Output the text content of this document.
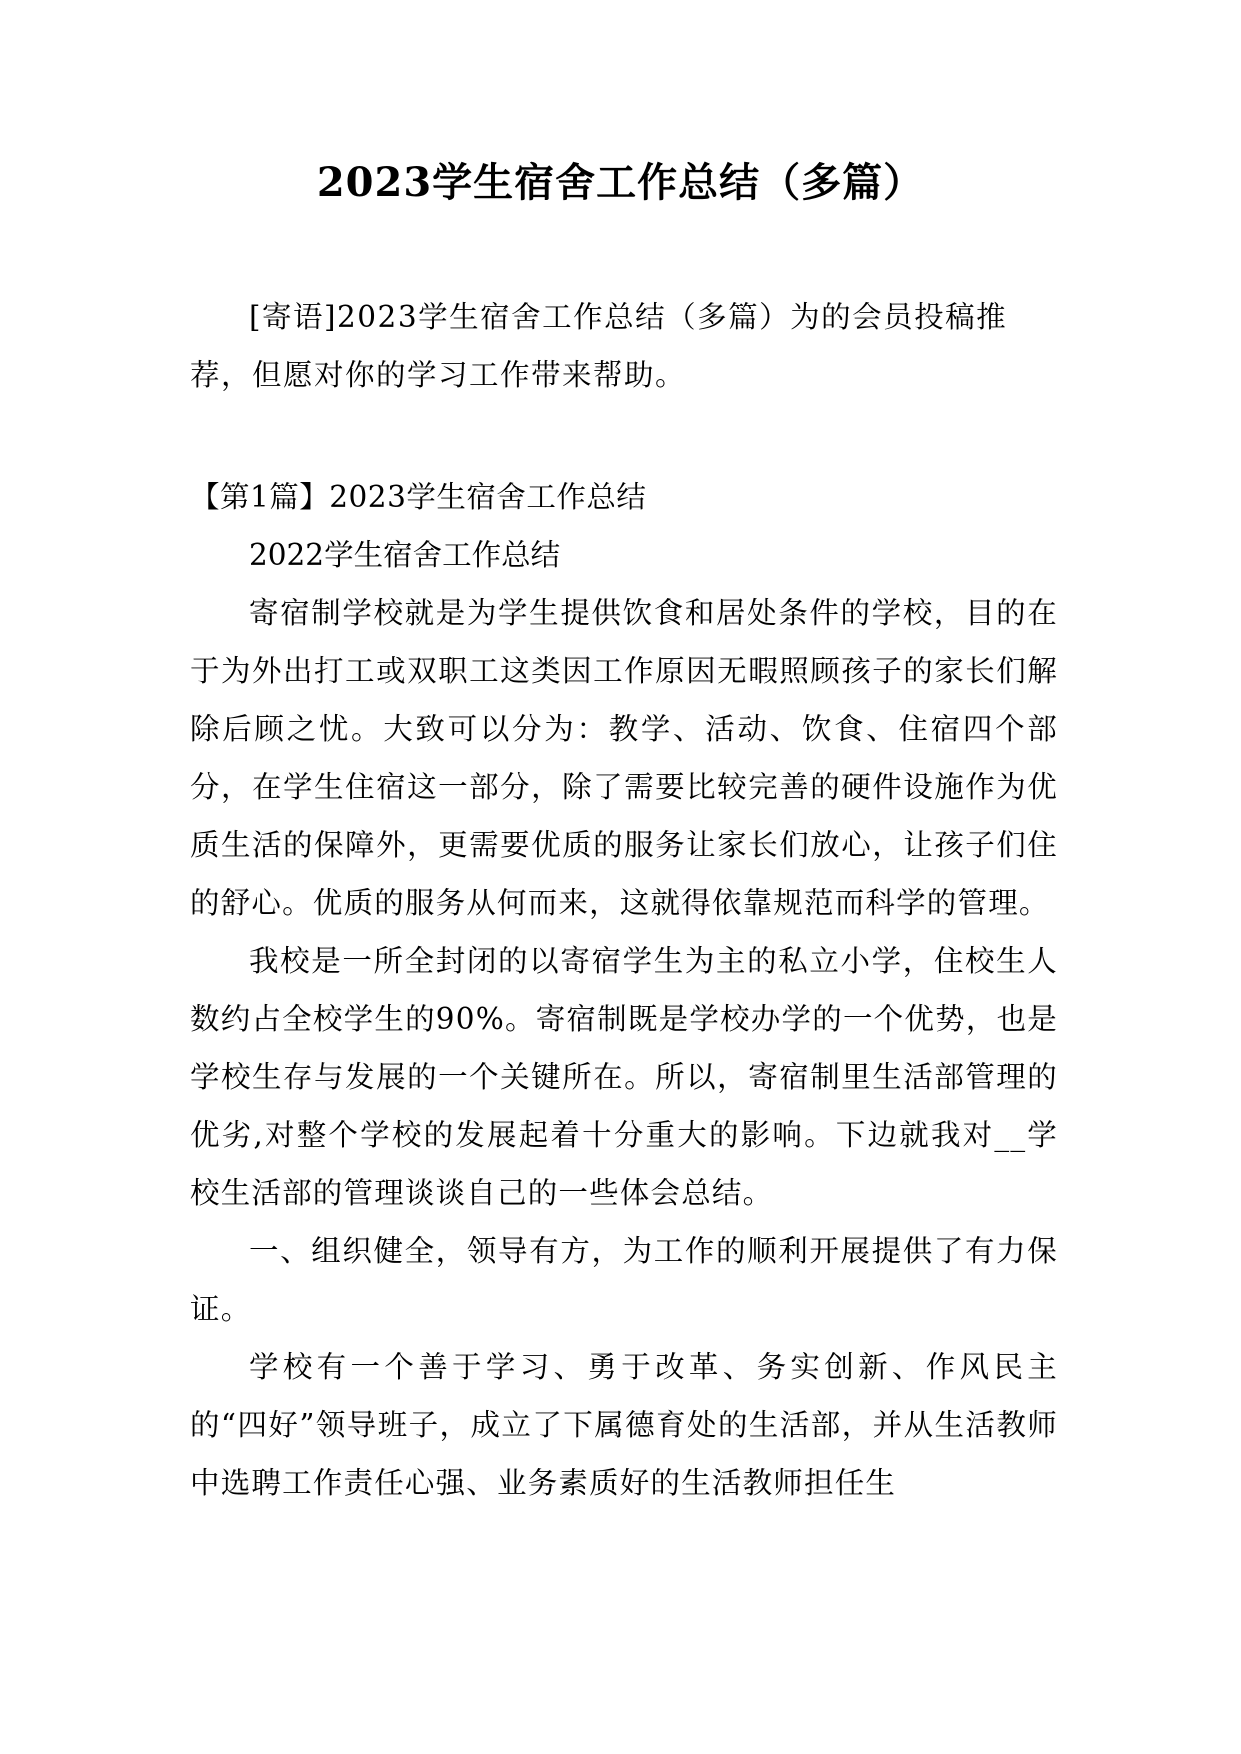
2023学生宿舍工作总结（多篇）

[寄语]2023学生宿舍工作总结（多篇）为的会员投稿推荐，但愿对你的学习工作带来帮助。

【第1篇】2023学生宿舍工作总结

2022学生宿舍工作总结

寄宿制学校就是为学生提供饮食和居处条件的学校，目的在于为外出打工或双职工这类因工作原因无暇照顾孩子的家长们解除后顾之忧。大致可以分为：教学、活动、饮食、住宿四个部分，在学生住宿这一部分，除了需要比较完善的硬件设施作为优质生活的保障外，更需要优质的服务让家长们放心，让孩子们住的舒心。优质的服务从何而来，这就得依靠规范而科学的管理。

我校是一所全封闭的以寄宿学生为主的私立小学，住校生人数约占全校学生的90%。寄宿制既是学校办学的一个优势，也是学校生存与发展的一个关键所在。所以，寄宿制里生活部管理的优劣,对整个学校的发展起着十分重大的影响。下边就我对__学校生活部的管理谈谈自己的一些体会总结。

一、组织健全，领导有方，为工作的顺利开展提供了有力保证。

学校有一个善于学习、勇于改革、务实创新、作风民主的“四好”领导班子，成立了下属德育处的生活部，并从生活教师中选聘工作责任心强、业务素质好的生活教师担任生
